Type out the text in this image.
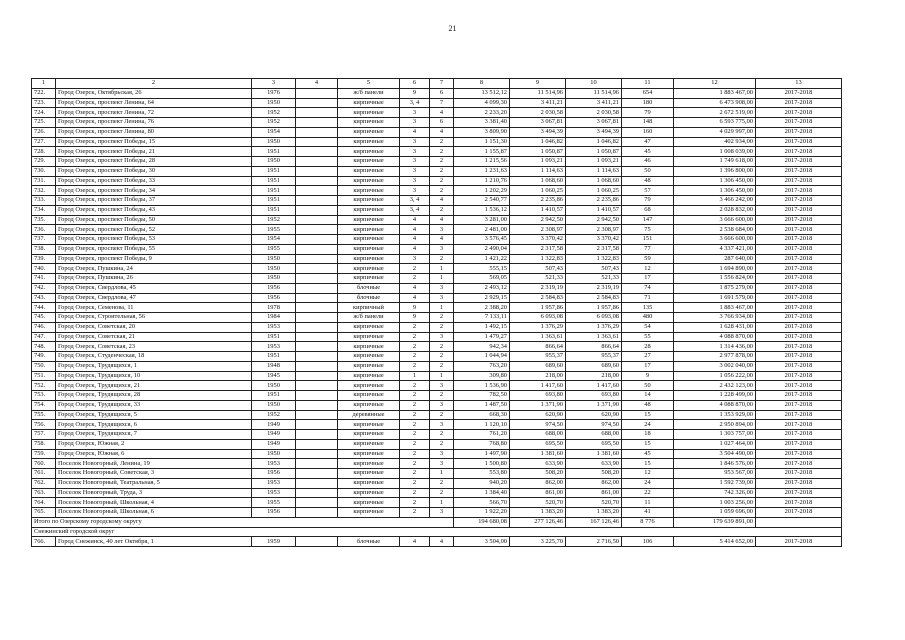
21
1	2	3	4	5	6	7	8	9	10	11	12	13
722.	Город Озерск, Октябрьская, 26	1976		ж/б панели	9	6	13 512,12	11 514,96	11 514,96	654	1 883 467,00	2017-2018
723.	Город Озерск, проспект Ленина, 64	1950		кирпичные	3, 4	7	4 099,30	3 411,21	3 411,21	180	6 473 908,00	2017-2018
724.	Город Озерск, проспект Ленина, 72	1952		кирпичные	3	4	2 233,20	2 030,58	2 030,58	79	2 672 519,00	2017-2018
725.	Город Озерск, проспект Ленина, 76	1952		кирпичные	3	6	3 381,40	3 067,81	3 067,81	148	6 593 775,00	2017-2018
726.	Город Озерск, проспект Ленина, 80	1954		кирпичные	4	4	3 809,90	3 494,39	3 494,39	160	4 029 997,00	2017-2018
727.	Город Озерск, проспект Победы, 15	1950		кирпичные	3	2	1 151,30	1 046,82	1 046,82	47	402 934,00	2017-2018
728.	Город Озерск, проспект Победы, 21	1951		кирпичные	3	2	1 155,87	1 050,87	1 050,87	45	1 008 039,00	2017-2018
729.	Город Озерск, проспект Победы, 28	1950		кирпичные	3	2	1 215,56	1 093,21	1 093,21	46	1 749 618,00	2017-2018
730.	Город Озерск, проспект Победы, 30	1951		кирпичные	3	2	1 231,63	1 114,63	1 114,63	50	1 396 800,00	2017-2018
731.	Город Озерск, проспект Победы, 33	1951		кирпичные	3	2	1 210,76	1 068,60	1 068,60	48	1 306 450,00	2017-2018
732.	Город Озерск, проспект Победы, 34	1951		кирпичные	3	2	1 202,29	1 060,25	1 060,25	57	1 306 450,00	2017-2018
733.	Город Озерск, проспект Победы, 37	1951		кирпичные	3, 4	4	2 540,77	2 235,86	2 235,86	79	3 466 242,00	2017-2018
734.	Город Озерск, проспект Победы, 43	1951		кирпичные	3, 4	2	1 536,12	1 410,57	1 410,57	68	2 028 832,00	2017-2018
735.	Город Озерск, проспект Победы, 50	1952		кирпичные	4	4	3 281,00	2 942,50	2 942,50	147	3 666 600,00	2017-2018
736.	Город Озерск, проспект Победы, 52	1955		кирпичные	4	3	2 481,00	2 308,97	2 308,97	75	2 538 684,00	2017-2018
737.	Город Озерск, проспект Победы, 53	1954		кирпичные	4	4	3 576,45	3 370,42	3 370,42	151	3 666 600,00	2017-2018
738.	Город Озерск, проспект Победы, 55	1955		кирпичные	4	3	2 490,04	2 317,58	2 317,58	77	4 337 421,00	2017-2018
739.	Город Озерск, проспект Победы, 9	1950		кирпичные	3	2	1 421,22	1 322,83	1 322,83	59	287 640,00	2017-2018
740.	Город Озерск, Пушкина, 24	1950		кирпичные	2	1	555,15	507,43	507,43	12	1 694 890,00	2017-2018
741.	Город Озерск, Пушкина, 26	1950		кирпичные	2	1	569,05	521,33	521,33	17	1 556 824,00	2017-2018
742.	Город Озерск, Свердлова, 45	1956		блочные	4	3	2 493,12	2 319,19	2 319,19	74	1 875 279,00	2017-2018
743.	Город Озерск, Свердлова, 47	1956		блочные	4	3	2 929,15	2 584,83	2 584,83	71	1 691 579,00	2017-2018
744.	Город Озерск, Семенова, 11	1978		кирпичный	9	1	2 388,20	1 957,86	1 957,86	135	1 883 467,00	2017-2018
745.	Город Озерск, Строительная, 56	1984		ж/б панели	9	2	7 133,11	6 093,08	6 093,08	480	3 766 934,00	2017-2018
746.	Город Озерск, Советская, 20	1953		кирпичные	2	2	1 492,15	1 376,29	1 376,29	54	1 628 431,00	2017-2018
747.	Город Озерск, Советская, 21	1951		кирпичные	2	3	1 479,27	1 363,61	1 363,61	55	4 088 870,00	2017-2018
748.	Город Озерск, Советская, 23	1953		кирпичные	2	2	942,34	866,64	866,64	28	1 314 436,00	2017-2018
749.	Город Озерск, Студенческая, 18	1951		кирпичные	2	2	1 044,94	955,37	955,37	27	2 977 878,00	2017-2018
750.	Город Озерск, Трудящихся, 1	1948		кирпичные	2	2	763,20	689,60	689,60	17	3 002 040,00	2017-2018
751.	Город Озерск, Трудящихся, 10	1945		кирпичные	1	1	309,80	218,00	218,00	9	1 056 222,00	2017-2018
752.	Город Озерск, Трудящихся, 21	1950		кирпичные	2	3	1 536,90	1 417,60	1 417,60	50	2 432 123,00	2017-2018
753.	Город Озерск, Трудящихся, 28	1951		кирпичные	2	2	782,50	693,80	693,80	14	1 228 499,00	2017-2018
754.	Город Озерск, Трудящихся, 33	1950		кирпичные	2	3	1 487,50	1 371,90	1 371,90	48	4 088 870,00	2017-2018
755.	Город Озерск, Трудящихся, 5	1952		деревянные	2	2	668,30	620,90	620,90	15	1 353 929,00	2017-2018
756.	Город Озерск, Трудящихся, 6	1949		кирпичные	2	3	1 120,10	974,50	974,50	24	2 950 894,00	2017-2018
757.	Город Озерск, Трудящихся, 7	1949		кирпичные	2	2	761,20	688,00	688,00	18	1 303 757,00	2017-2018
758.	Город Озерск, Южная, 2	1949		кирпичные	2	2	768,80	695,50	695,50	15	1 027 464,00	2017-2018
759.	Город Озерск, Южная, 6	1950		кирпичные	2	3	1 497,90	1 381,60	1 381,60	45	3 504 490,00	2017-2018
760.	Поселок Новогорный, Ленина, 19	1953		кирпичные	2	3	1 500,80	633,90	633,90	15	1 846 576,00	2017-2018
761.	Поселок Новогорный, Советская, 3	1956		кирпичные	2	1	553,80	508,20	508,20	12	953 567,00	2017-2018
762.	Поселок Новогорный, Театральная, 5	1953		кирпичные	2	2	940,20	862,00	862,00	24	1 592 739,00	2017-2018
763.	Поселок Новогорный, Труда, 3	1953		кирпичные	2	2	1 384,40	861,00	861,00	22	742 326,00	2017-2018
764.	Поселок Новогорный, Школьная, 4	1955		кирпичные	2	1	566,70	520,70	520,70	11	1 003 256,00	2017-2018
765.	Поселок Новогорный, Школьная, 6	1956		кирпичные	2	3	1 922,20	1 383,20	1 383,20	41	1 059 696,00	2017-2018
Итого по Озерскому городскому округу							194 680,08	277 126,46	167 126,46	8 776	179 639 891,00	
Снежинский городской округ												
766.	Город Снежинск, 40 лет Октября, 1	1959		блочные	4	4	3 504,00	3 225,70	2 716,50	106	5 414 652,00	2017-2018
